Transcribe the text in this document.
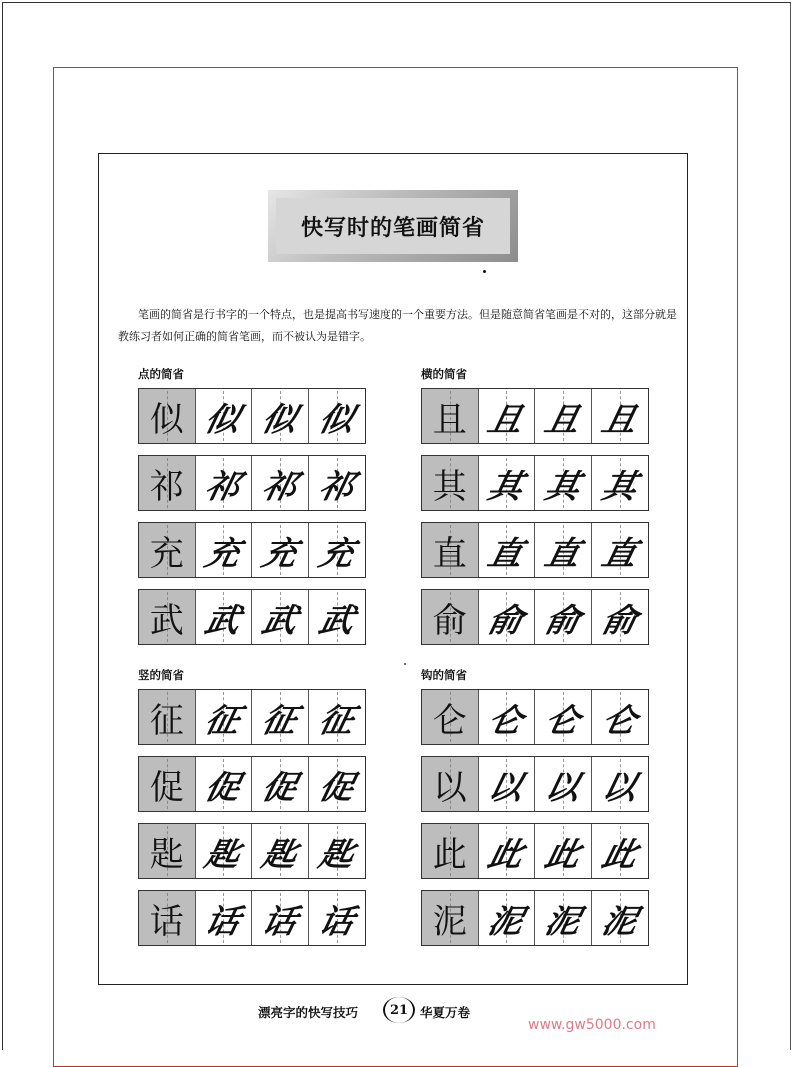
快写时的笔画简省

笔画的简省是行书字的一个特点，也是提高书写速度的一个重要方法。但是随意简省笔画是不对的，这部分就是教练习者如何正确的简省笔画，而不被认为是错字。

点的简省	横的简省
竖的简省	钩的简省
似 似 似 似
祁 祁 祁 祁
充 充 充 充
武 武 武 武
且 且 且 且
其 其 其 其
直 直 直 直
俞 俞 俞 俞
征 征 征 征
促 促 促 促
匙 匙 匙 匙
话 话 话 话
仑 仑 仑 仑
以 以 以 以
此 此 此 此
泥 泥 泥 泥
漂亮字的快写技巧	21 华夏万卷
www.gw5000.com
